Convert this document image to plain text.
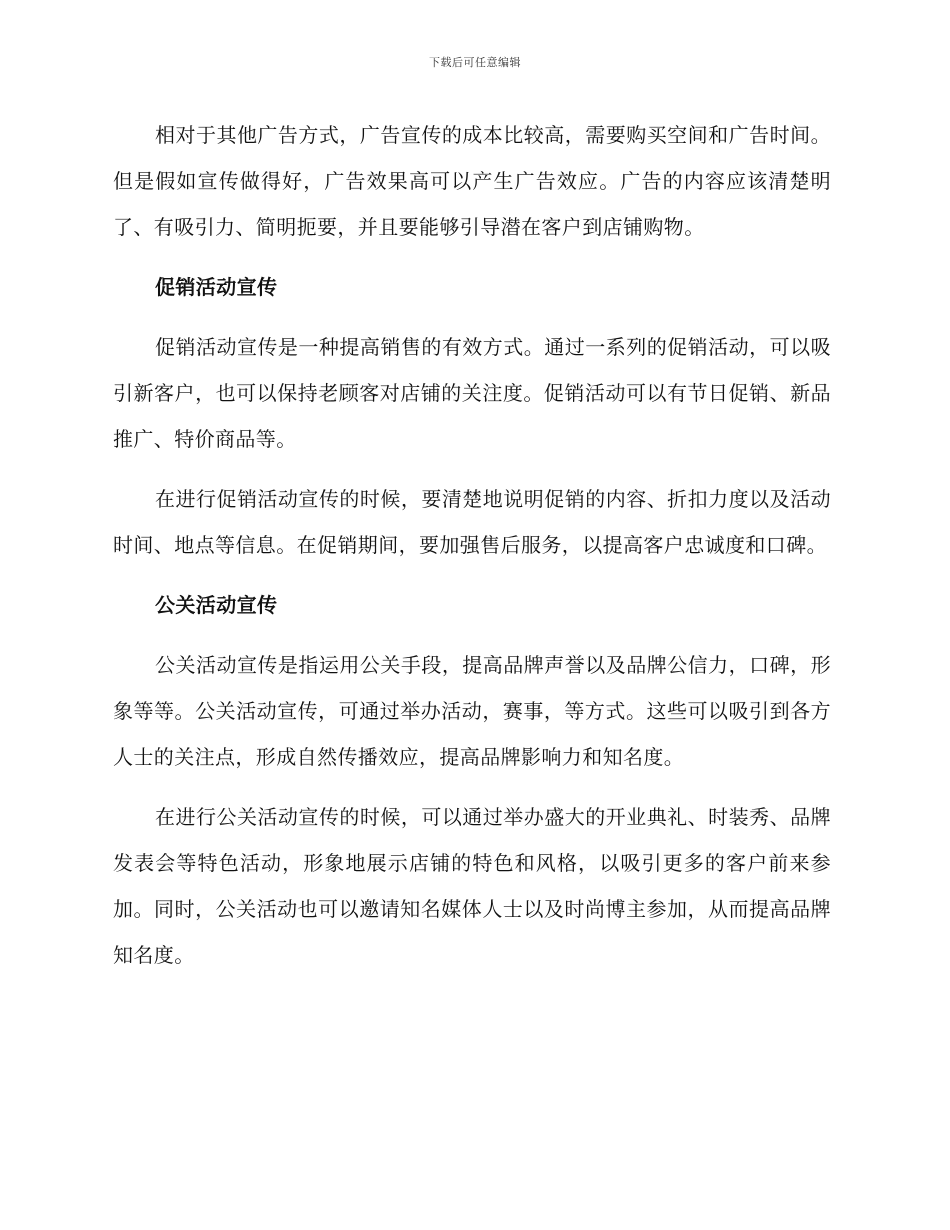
下载后可任意编辑

相对于其他广告方式，广告宣传的成本比较高，需要购买空间和广告时间。但是假如宣传做得好，广告效果高可以产生广告效应。广告的内容应该清楚明了、有吸引力、简明扼要，并且要能够引导潜在客户到店铺购物。

促销活动宣传

促销活动宣传是一种提高销售的有效方式。通过一系列的促销活动，可以吸引新客户，也可以保持老顾客对店铺的关注度。促销活动可以有节日促销、新品推广、特价商品等。

在进行促销活动宣传的时候，要清楚地说明促销的内容、折扣力度以及活动时间、地点等信息。在促销期间，要加强售后服务，以提高客户忠诚度和口碑。

公关活动宣传

公关活动宣传是指运用公关手段，提高品牌声誉以及品牌公信力，口碑，形象等等。公关活动宣传，可通过举办活动，赛事，等方式。这些可以吸引到各方人士的关注点，形成自然传播效应，提高品牌影响力和知名度。

在进行公关活动宣传的时候，可以通过举办盛大的开业典礼、时装秀、品牌发表会等特色活动，形象地展示店铺的特色和风格，以吸引更多的客户前来参加。同时，公关活动也可以邀请知名媒体人士以及时尚博主参加，从而提高品牌知名度。
